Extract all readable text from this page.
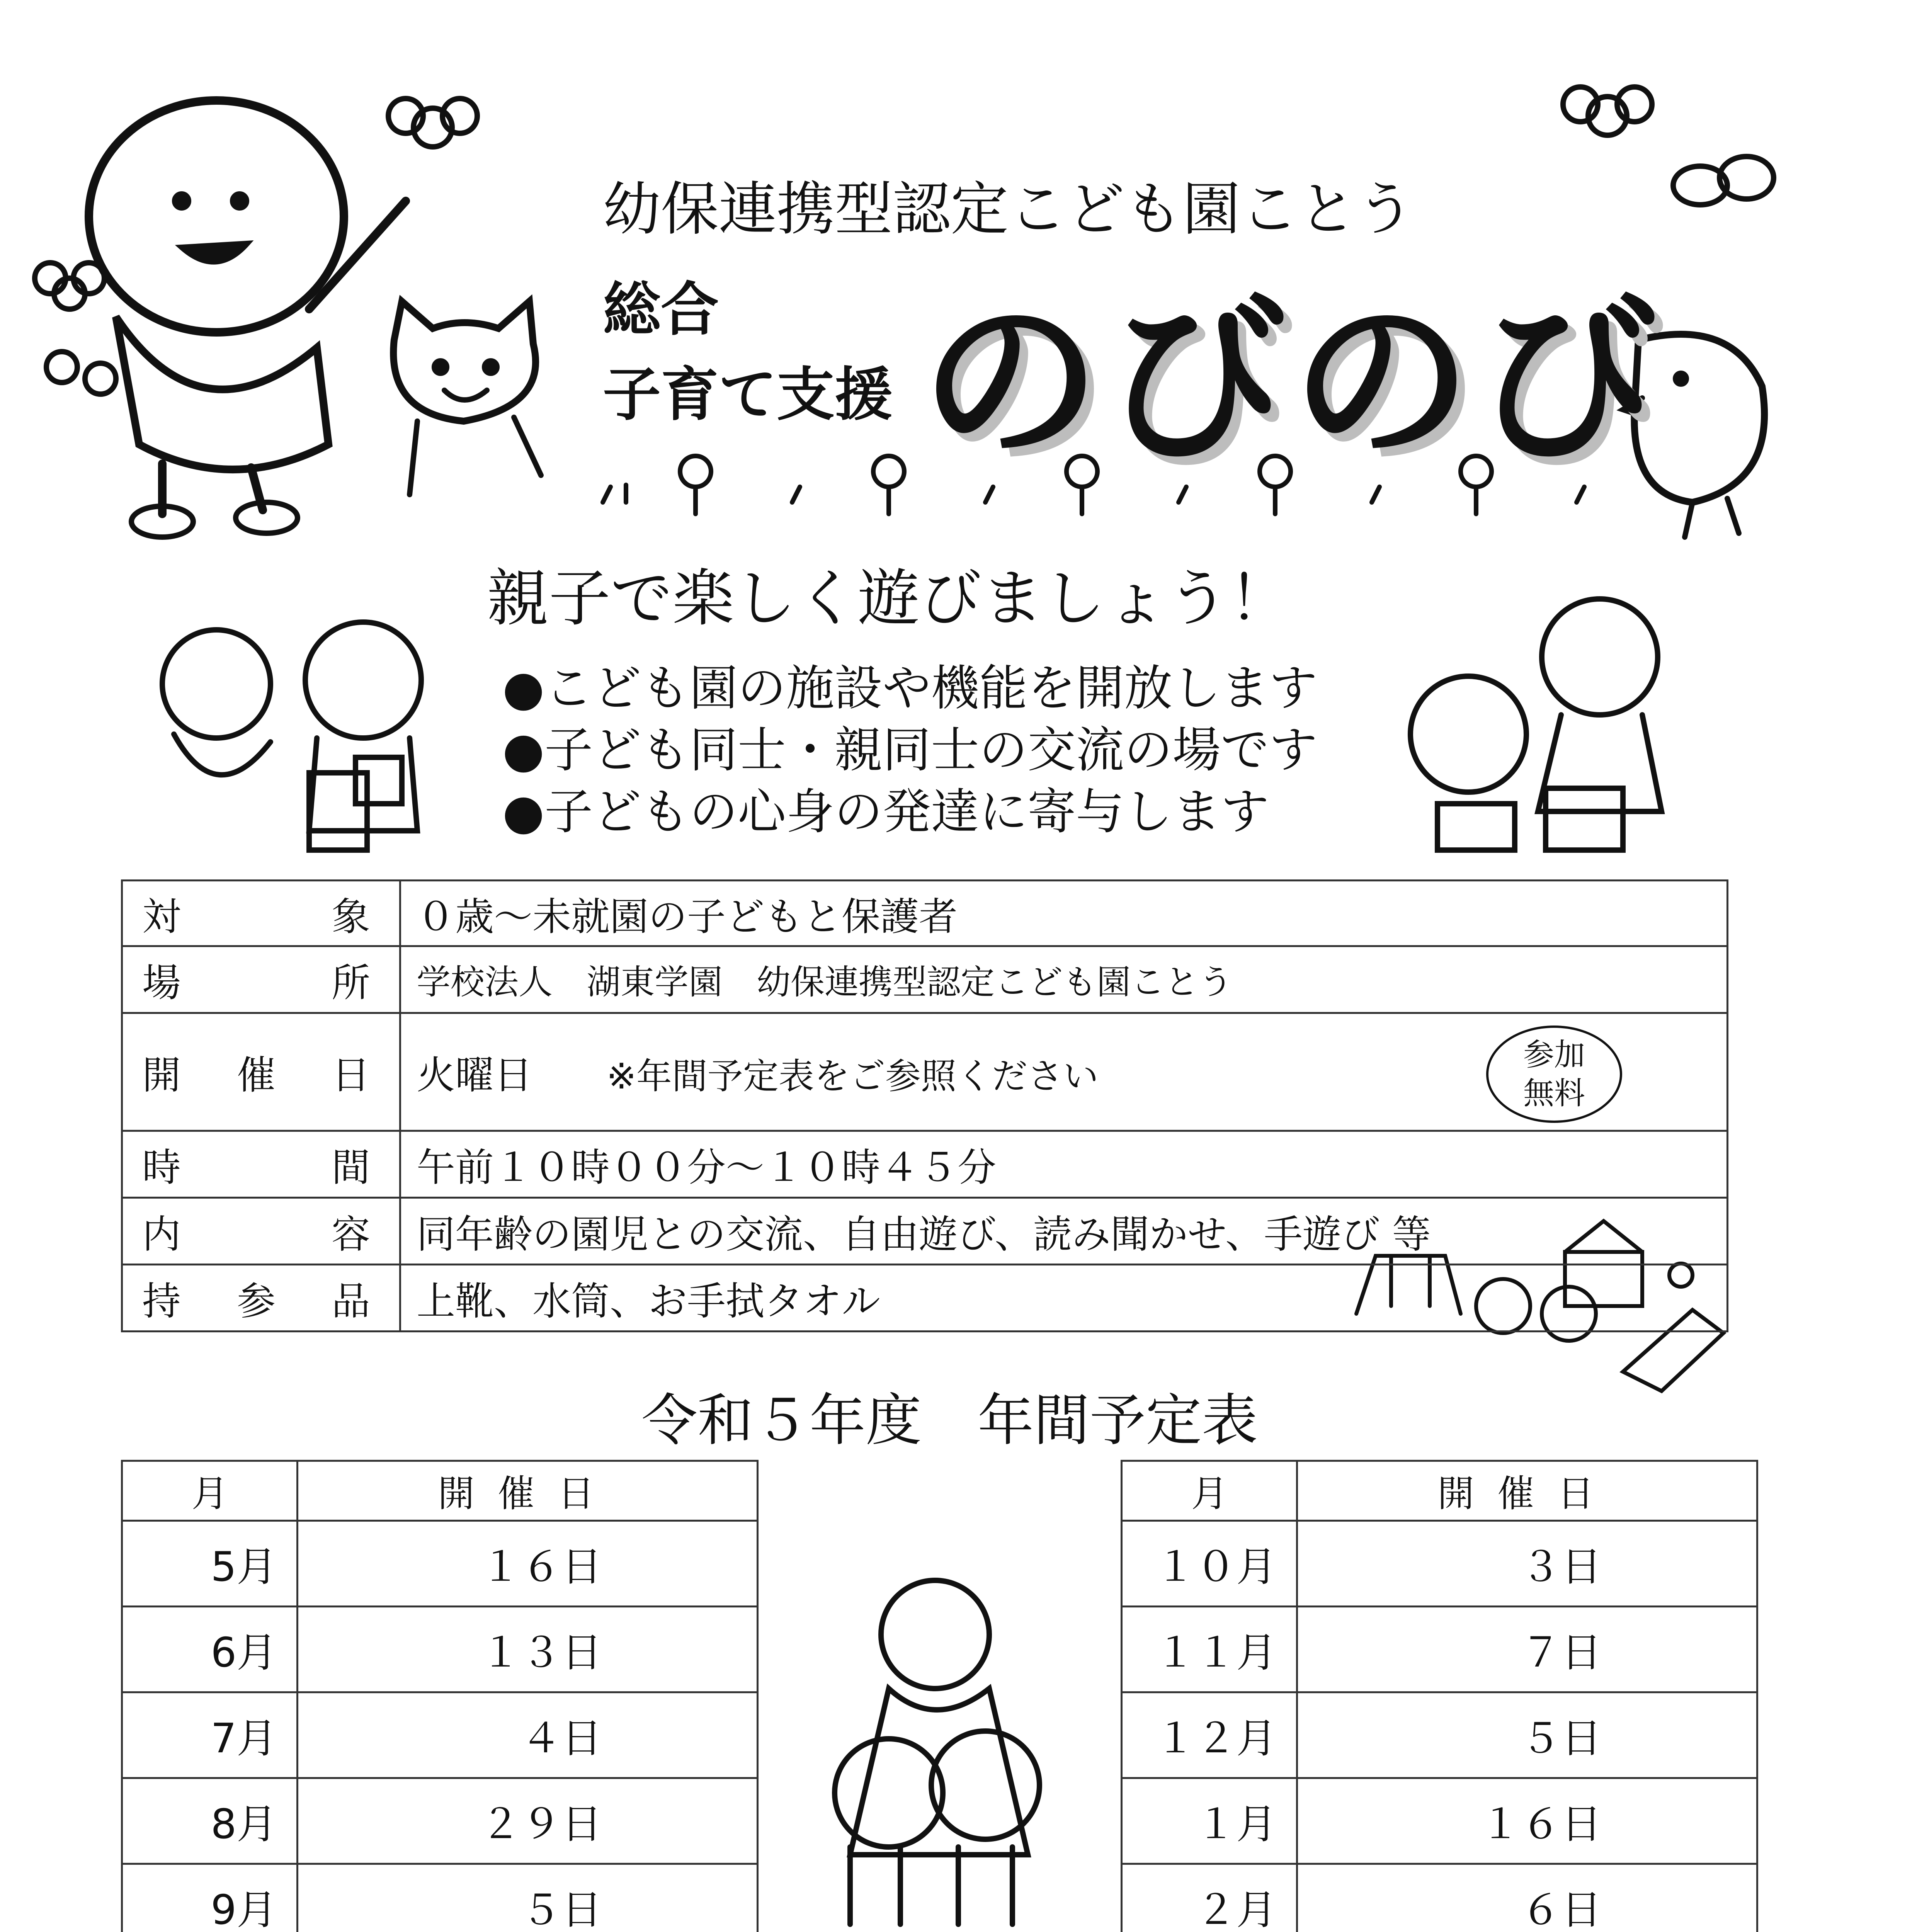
幼保連携型認定こども園ことう
総合
子育て支援 のびのび
親子で楽しく遊びましょう！
●こども園の施設や機能を開放します
●子ども同士・親同士の交流の場です
●子どもの心身の発達に寄与します
対象	０歳～未就園の子どもと保護者
場所	学校法人　湖東学園　幼保連携型認定こども園ことう
開催日	火曜日 ※年間予定表をご参照ください
参加
無料

時間	午前１０時００分～１０時４５分
内容	同年齢の園児との交流、自由遊び、読み聞かせ、手遊び 等
持参品	上靴、水筒、お手拭タオル
令和５年度　年間予定表
月	開催日
5月	１６日
6月	１３日
7月	４日
8月	２９日
9月	５日
月	開催日
１０月	３日
１１月	７日
１２月	５日
１月	１６日
２月	６日
